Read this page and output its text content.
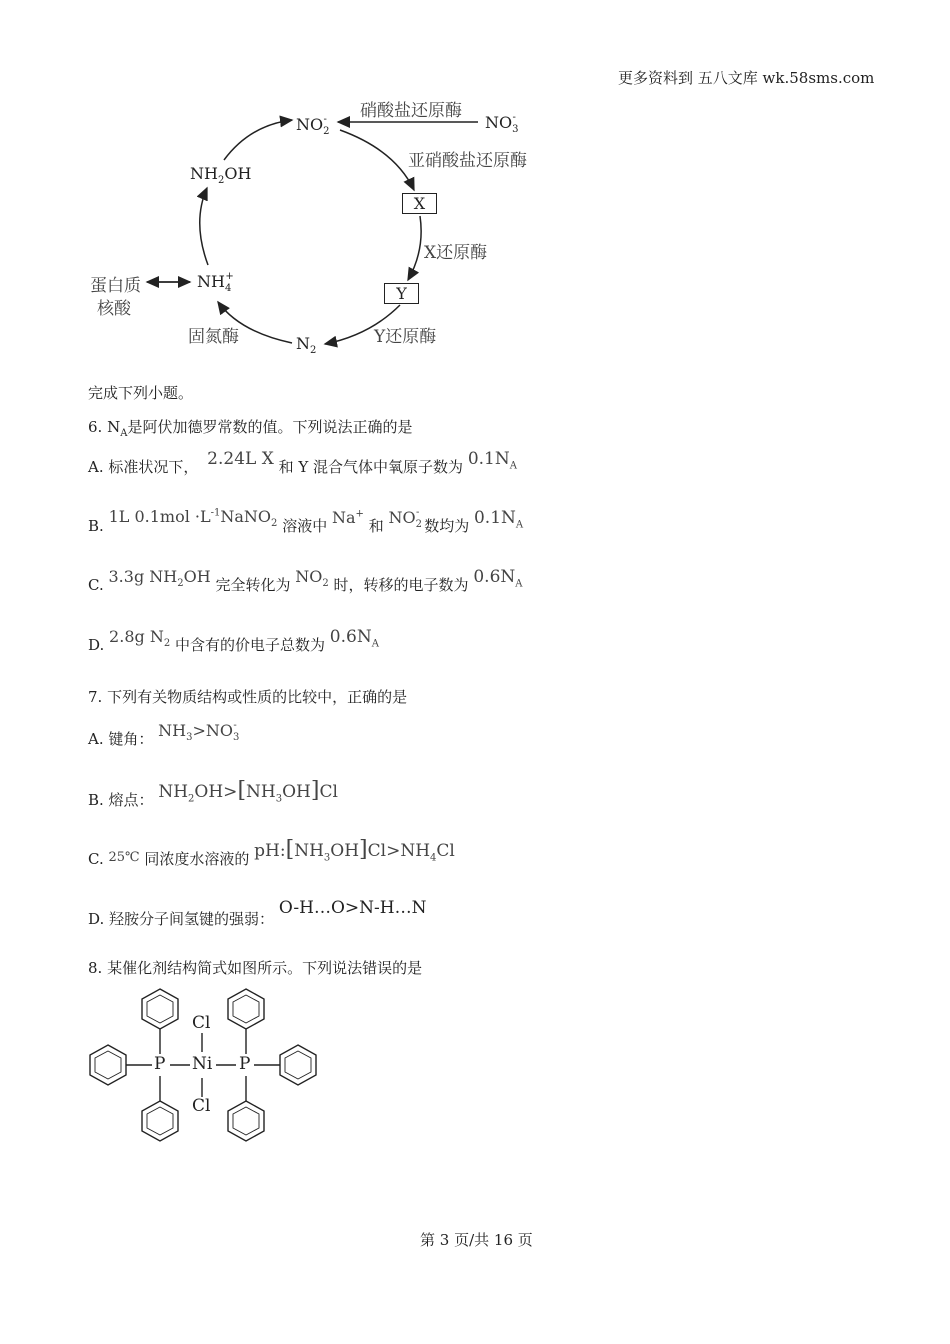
更多资料到 五八文库 wk.58sms.com
$NO_2^-$ 硝酸盐还原酶
$NO_3^-$
亚硝酸盐还原酶
X
X还原酶
Y
Y还原酶
$N_2$
固氮酶
$NH_4^+$
$NH_2OH$
蛋白质
核酸
完成下列小题。
6. $N_A$是阿伏加德罗常数的值。下列说法正确的是
A. 标准状况下， 2.24L X 和 Y 混合气体中氧原子数为 $0.1N_A$
B. 1L $0.1mol \cdot L^{-1}NaNO_2$ 溶液中 Na+ 和 $NO_2^-$ 数均为 $0.1N_A$
C. 3.3g $NH_2OH$ 完全转化为 $NO_2$ 时，转移的电子数为 $0.6N_A$
D. 2.8g $N_2$ 中含有的价电子总数为 $0.6N_A$
7. 下列有关物质结构或性质的比较中，正确的是
A. 键角： $NH_3>NO_3^-$
B. 熔点： $NH_2OH>[NH_3OH]Cl$
C. 25℃ 同浓度水溶液的 $pH:[NH_3OH]Cl>NH_4Cl$
D. 羟胺分子间氢键的强弱： O-H…O>N-H…N
8. 某催化剂结构简式如图所示。下列说法错误的是
Cl
Cl
Ni
P	P
第 3 页/共 16 页
